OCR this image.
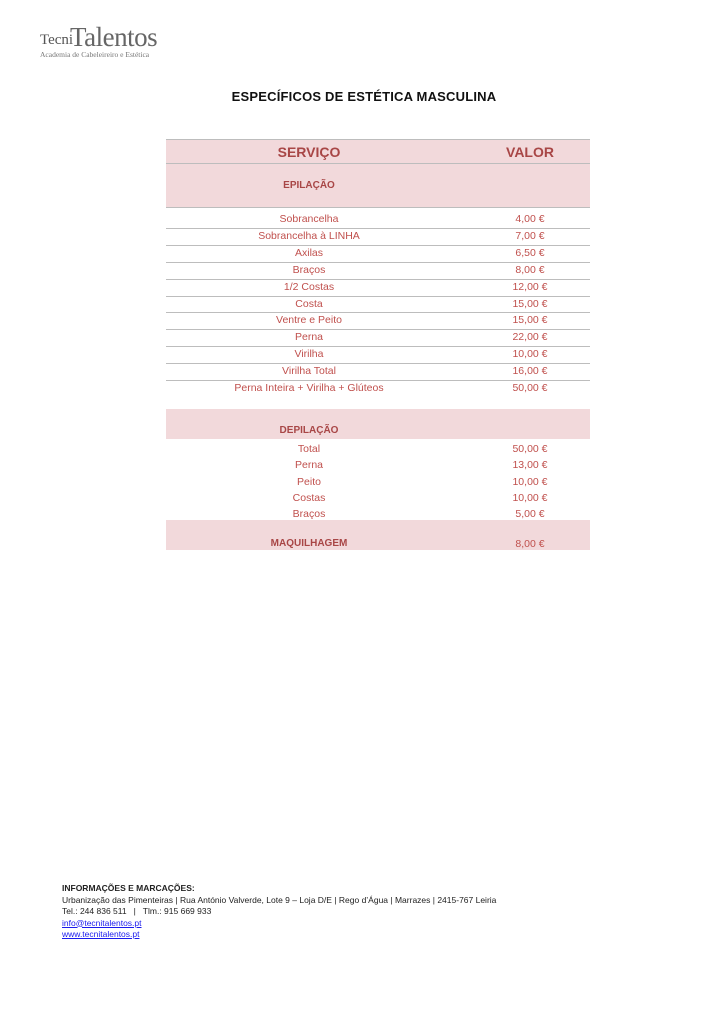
Tecni
Talentos
Academia de Cabeleireiro e Estética
ESPECÍFICOS DE ESTÉTICA MASCULINA
SERVIÇO	VALOR
EPILAÇÃO
Sobrancelha	4,00 €
Sobrancelha à LINHA	7,00 €
Axilas	6,50 €
Braços	8,00 €
1/2 Costas	12,00 €
Costa	15,00 €
Ventre e Peito	15,00 €
Perna	22,00 €
Virilha	10,00 €
Virilha Total	16,00 €
Perna Inteira + Virilha + Glúteos	50,00 €
DEPILAÇÃO
Total	50,00 €
Perna	13,00 €
Peito	10,00 €
Costas	10,00 €
Braços	5,00 €
MAQUILHAGEM	8,00 €
INFORMAÇÕES E MARCAÇÕES:
Urbanização das Pimenteiras | Rua António Valverde, Lote 9 – Loja D/E | Rego d’Água | Marrazes | 2415-767 Leiria
Tel.: 244 836 511   |   Tlm.: 915 669 933
info@tecnitalentos.pt
www.tecnitalentos.pt
